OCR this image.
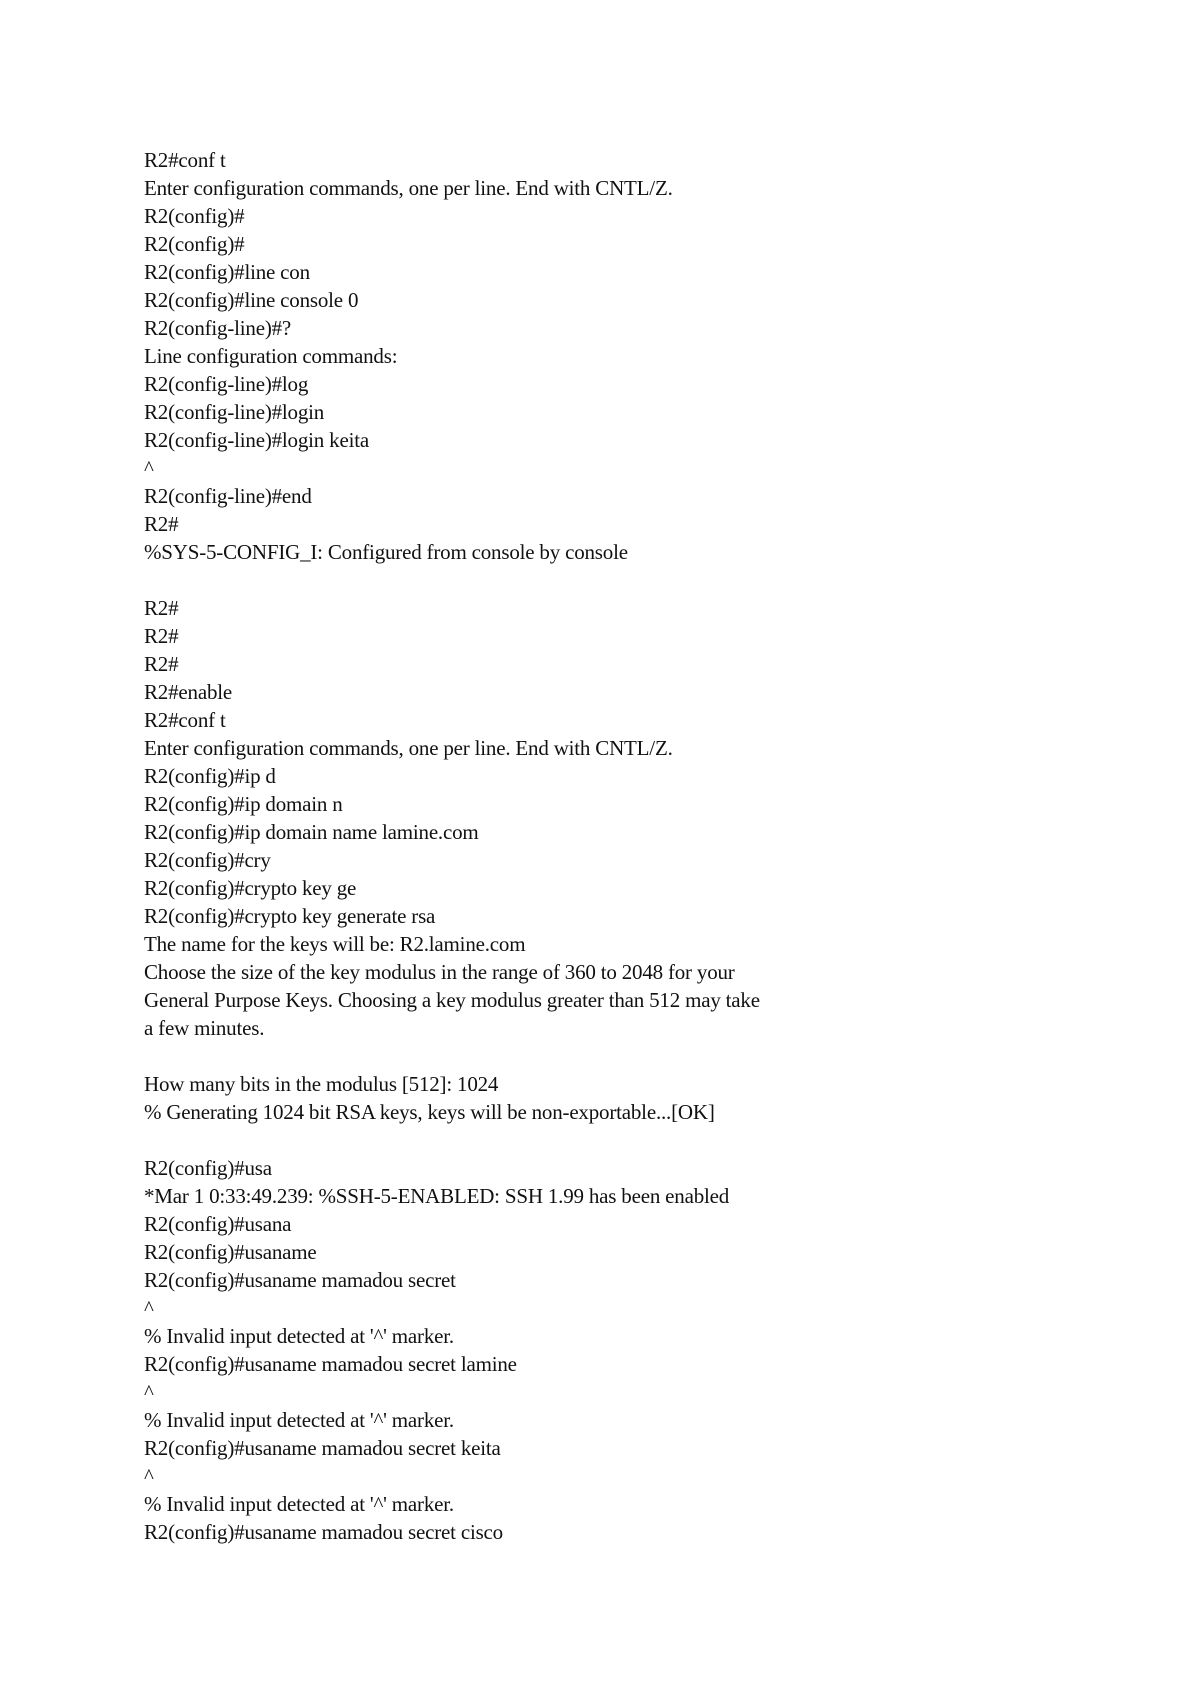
R2#conf t
Enter configuration commands, one per line. End with CNTL/Z.
R2(config)#
R2(config)#
R2(config)#line con
R2(config)#line console 0
R2(config-line)#?
Line configuration commands:
R2(config-line)#log
R2(config-line)#login
R2(config-line)#login keita
^
R2(config-line)#end
R2#
%SYS-5-CONFIG_I: Configured from console by console
R2#
R2#
R2#
R2#enable
R2#conf t
Enter configuration commands, one per line. End with CNTL/Z.
R2(config)#ip d
R2(config)#ip domain n
R2(config)#ip domain name lamine.com
R2(config)#cry
R2(config)#crypto key ge
R2(config)#crypto key generate rsa
The name for the keys will be: R2.lamine.com
Choose the size of the key modulus in the range of 360 to 2048 for your
General Purpose Keys. Choosing a key modulus greater than 512 may take
a few minutes.
How many bits in the modulus [512]: 1024
% Generating 1024 bit RSA keys, keys will be non-exportable...[OK]
R2(config)#usa
*Mar 1 0:33:49.239: %SSH-5-ENABLED: SSH 1.99 has been enabled
R2(config)#usana
R2(config)#usaname
R2(config)#usaname mamadou secret
^
% Invalid input detected at '^' marker.
R2(config)#usaname mamadou secret lamine
^
% Invalid input detected at '^' marker.
R2(config)#usaname mamadou secret keita
^
% Invalid input detected at '^' marker.
R2(config)#usaname mamadou secret cisco
